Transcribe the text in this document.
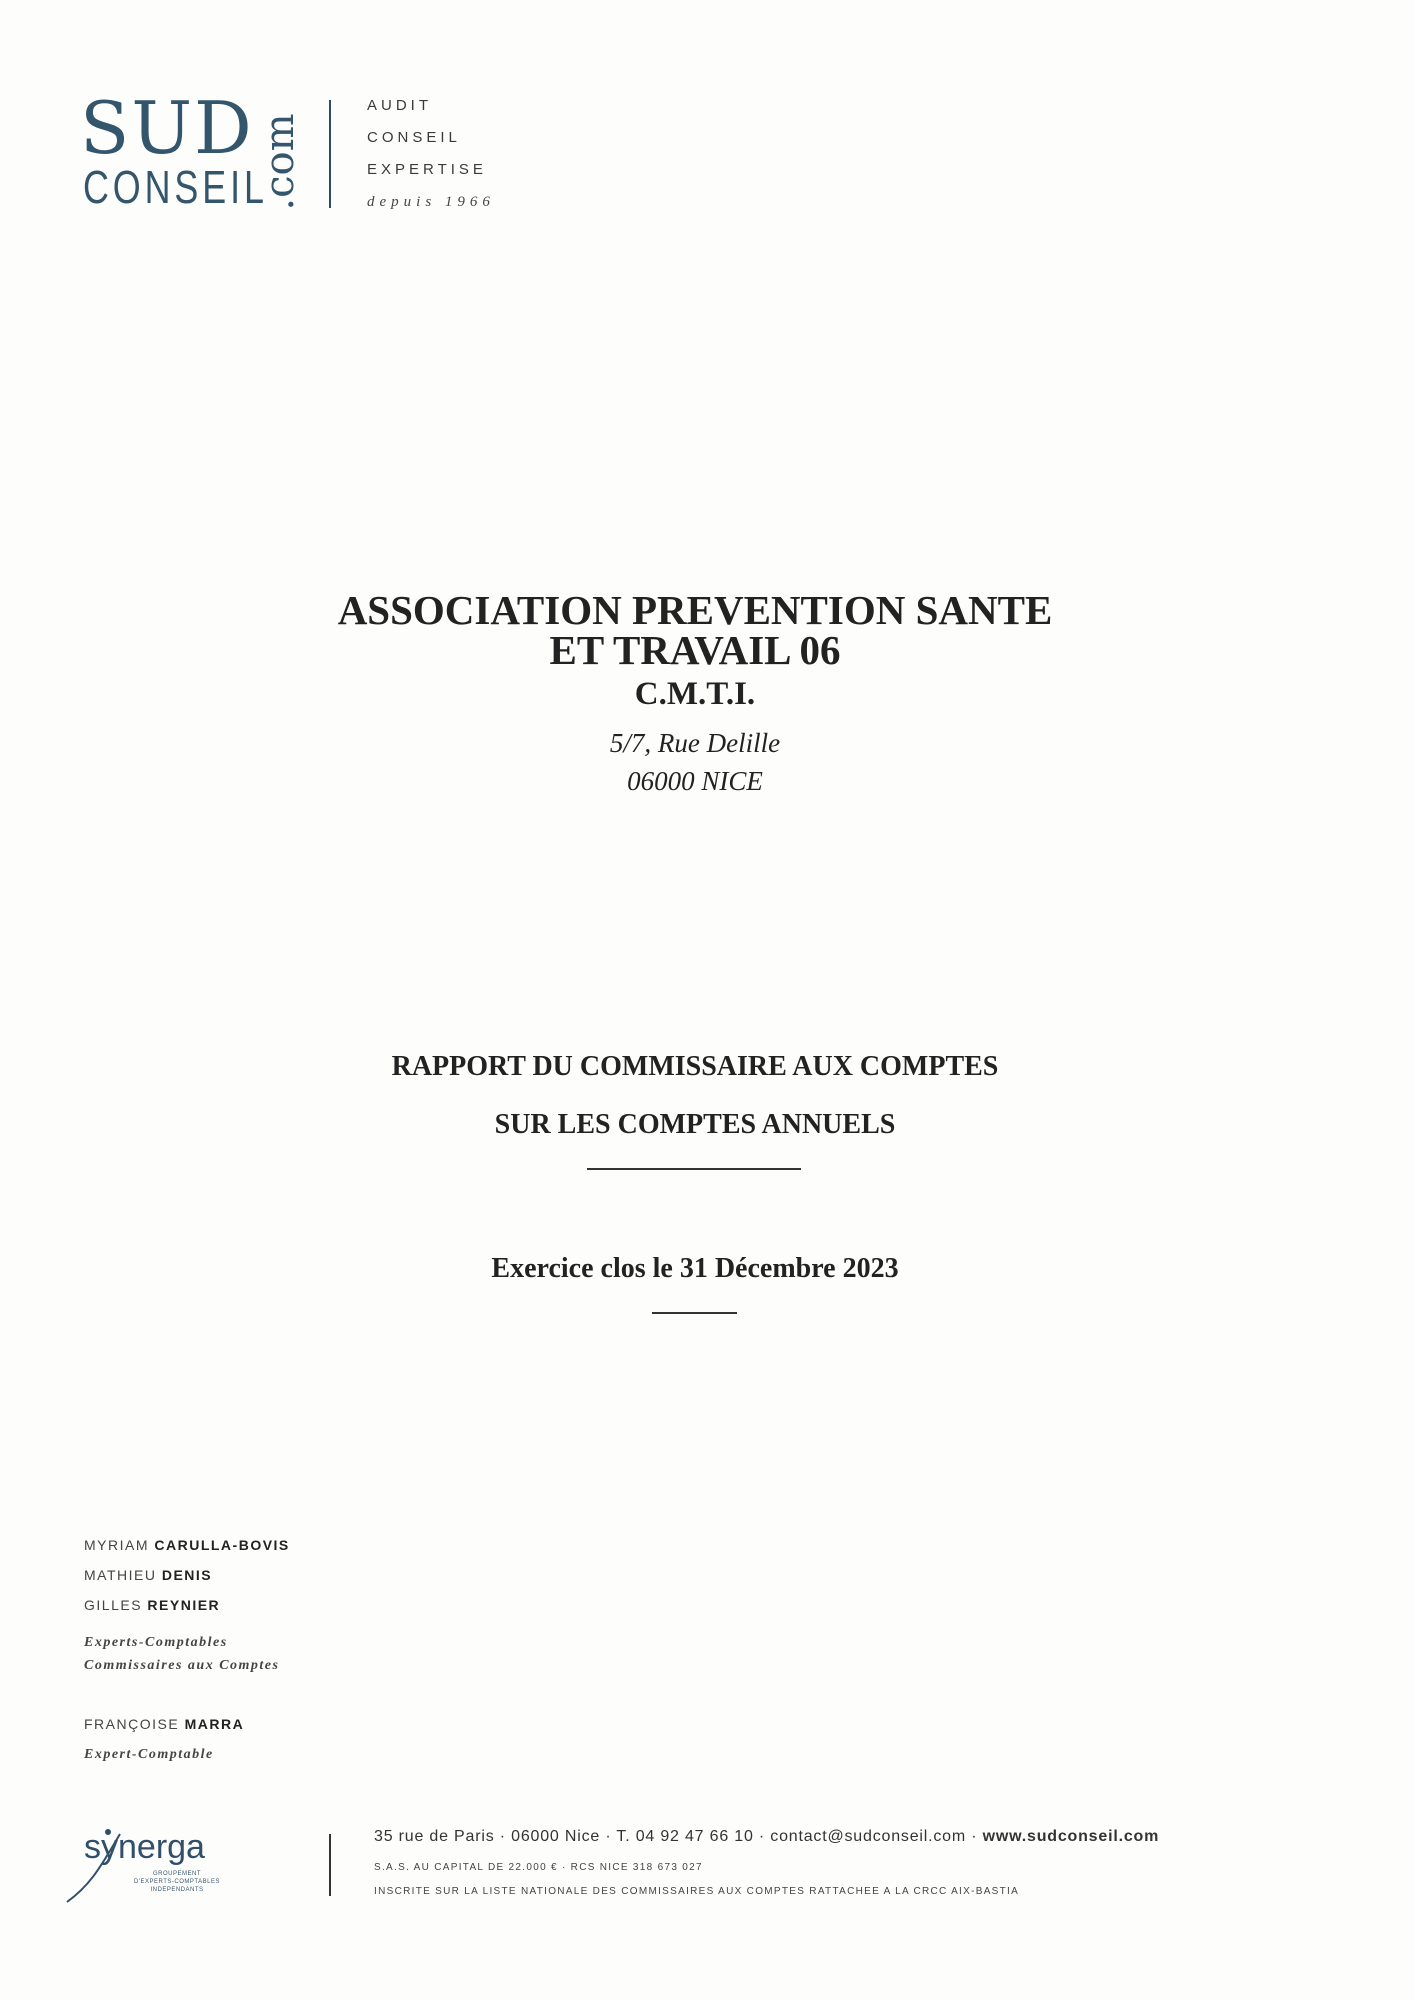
SUD
CONSEIL
.com
AUDIT
CONSEIL
EXPERTISE
depuis 1966
ASSOCIATION PREVENTION SANTE
ET TRAVAIL 06
C.M.T.I.
5/7, Rue Delille
06000 NICE
RAPPORT DU COMMISSAIRE AUX COMPTES
SUR LES COMPTES ANNUELS
Exercice clos le 31 Décembre 2023
MYRIAM CARULLA-BOVIS
MATHIEU DENIS
GILLES REYNIER
Experts-Comptables
Commissaires aux Comptes
FRANÇOISE MARRA
Expert-Comptable
synerga
GROUPEMENT
D'EXPERTS-COMPTABLES
INDEPENDANTS
35 rue de Paris · 06000 Nice · T. 04 92 47 66 10 · contact@sudconseil.com · www.sudconseil.com
S.A.S. AU CAPITAL DE 22.000 € · RCS NICE 318 673 027
INSCRITE SUR LA LISTE NATIONALE DES COMMISSAIRES AUX COMPTES RATTACHEE A LA CRCC AIX-BASTIA
